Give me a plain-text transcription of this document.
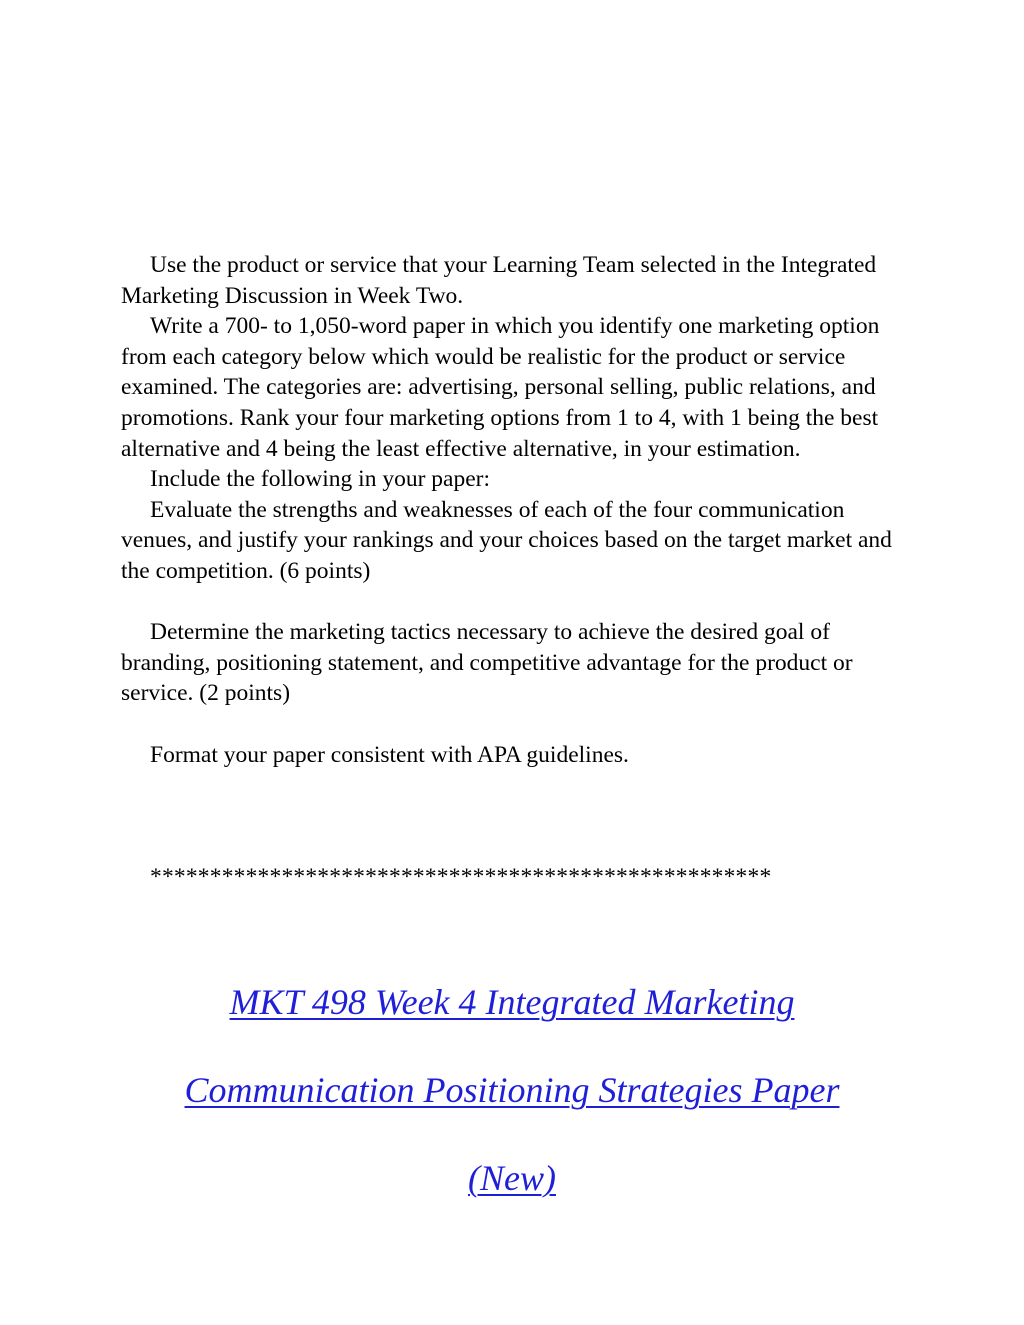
Use the product or service that your Learning Team selected in the Integrated Marketing Discussion in Week Two.

Write a 700- to 1,050-word paper in which you identify one marketing option from each category below which would be realistic for the product or service examined. The categories are: advertising, personal selling, public relations, and promotions. Rank your four marketing options from 1 to 4, with 1 being the best alternative and 4 being the least effective alternative, in your estimation.

Include the following in your paper:

Evaluate the strengths and weaknesses of each of the four communication venues, and justify your rankings and your choices based on the target market and the competition. (6 points)

Determine the marketing tactics necessary to achieve the desired goal of branding, positioning statement, and competitive advantage for the product or service. (2 points)

Format your paper consistent with APA guidelines.

****************************************************
MKT 498 Week 4 Integrated Marketing
Communication Positioning Strategies Paper
(New)
